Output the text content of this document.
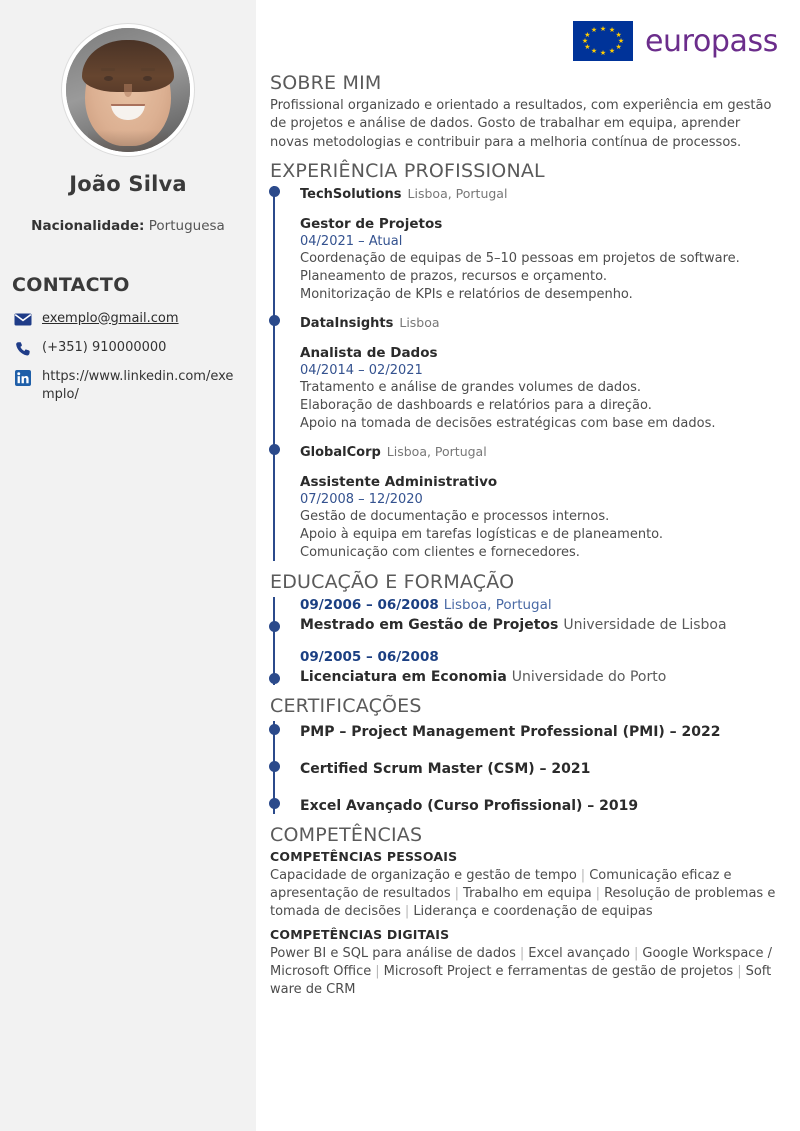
João Silva
Nacionalidade: Portuguesa
CONTACTO
exemplo@gmail.com
(+351) 910000000
https://www.linkedin.com/exemplo/
★ ★
★
★
★
★
★
★
★
★
★
★ europass
SOBRE MIM

Profissional organizado e orientado a resultados, com experiência em gestão de projetos e análise de dados. Gosto de trabalhar em equipa, aprender novas metodologias e contribuir para a melhoria contínua de processos.

EXPERIÊNCIA PROFISSIONAL
TechSolutions Lisboa, Portugal
Gestor de Projetos
04/2021 – Atual
Coordenação de equipas de 5–10 pessoas em projetos de software.
Planeamento de prazos, recursos e orçamento.
Monitorização de KPIs e relatórios de desempenho.
DataInsights Lisboa
Analista de Dados
04/2014 – 02/2021
Tratamento e análise de grandes volumes de dados.
Elaboração de dashboards e relatórios para a direção.
Apoio na tomada de decisões estratégicas com base em dados.
GlobalCorp Lisboa, Portugal
Assistente Administrativo
07/2008 – 12/2020
Gestão de documentação e processos internos.
Apoio à equipa em tarefas logísticas e de planeamento.
Comunicação com clientes e fornecedores.
EDUCAÇÃO E FORMAÇÃO
09/2006 – 06/2008 Lisboa, Portugal
Mestrado em Gestão de Projetos Universidade de Lisboa
09/2005 – 06/2008
Licenciatura em Economia Universidade do Porto
CERTIFICAÇÕES
PMP – Project Management Professional (PMI) – 2022
Certified Scrum Master (CSM) – 2021
Excel Avançado (Curso Profissional) – 2019
COMPETÊNCIAS
COMPETÊNCIAS PESSOAIS
Capacidade de organização e gestão de tempo | Comunicação eficaz e apresentação de resultados | Trabalho em equipa | Resolução de problemas e tomada de decisões | Liderança e coordenação de equipas
COMPETÊNCIAS DIGITAIS
Power BI e SQL para análise de dados | Excel avançado | Google Workspace / Microsoft Office | Microsoft Project e ferramentas de gestão de projetos | Soft ware de CRM
